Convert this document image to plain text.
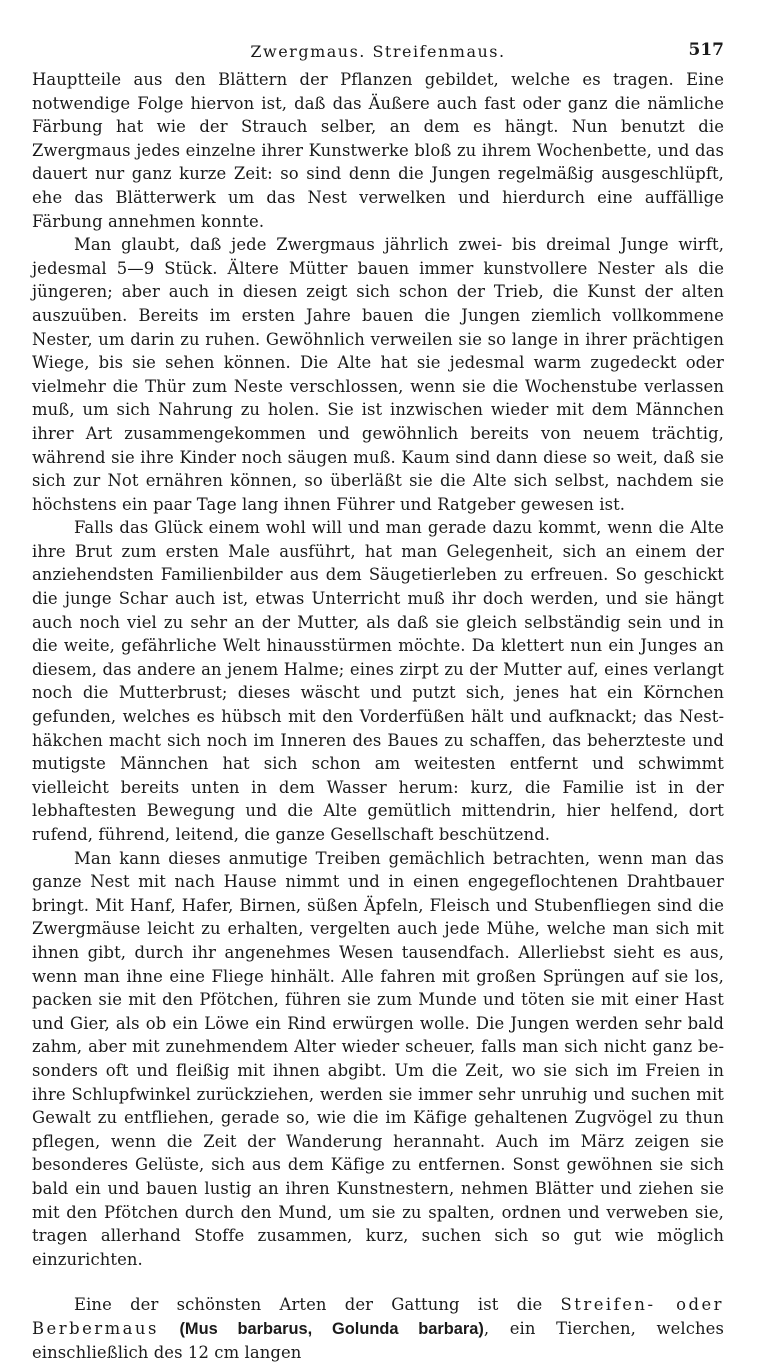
Zwergmaus. Streifenmaus.	517

Hauptteile aus den Blättern der Pflanzen gebildet, welche es tragen. Eine notwendige Folge hiervon ist, daß das Äußere auch fast oder ganz die nämliche Färbung hat wie der Strauch selber, an dem es hängt. Nun benutzt die Zwergmaus jedes einzelne ihrer Kunstwerke bloß zu ihrem Wochenbette, und das dauert nur ganz kurze Zeit: so sind denn die Jungen regelmäßig ausgeschlüpft, ehe das Blätterwerk um das Nest verwelken und hierdurch eine auffällige Färbung annehmen konnte.

Man glaubt, daß jede Zwergmaus jährlich zwei- bis dreimal Junge wirft, jedesmal 5—9 Stück. Ältere Mütter bauen immer kunstvollere Nester als die jüngeren; aber auch in diesen zeigt sich schon der Trieb, die Kunst der alten auszuüben. Bereits im ersten Jahre bauen die Jungen ziemlich vollkommene Nester, um darin zu ruhen. Gewöhnlich verweilen sie so lange in ihrer prächtigen Wiege, bis sie sehen können. Die Alte hat sie jedesmal warm zugedeckt oder vielmehr die Thür zum Neste verschlossen, wenn sie die Wochenstube verlassen muß, um sich Nahrung zu holen. Sie ist inzwischen wieder mit dem Männchen ihrer Art zusammengekommen und gewöhnlich bereits von neuem trächtig, während sie ihre Kinder noch säugen muß. Kaum sind dann diese so weit, daß sie sich zur Not ernähren können, so überläßt sie die Alte sich selbst, nachdem sie höchstens ein paar Tage lang ihnen Führer und Ratgeber gewesen ist.

Falls das Glück einem wohl will und man gerade dazu kommt, wenn die Alte ihre Brut zum ersten Male ausführt, hat man Gelegenheit, sich an einem der anziehendsten Familienbilder aus dem Säugetierleben zu erfreuen. So geschickt die junge Schar auch ist, etwas Unterricht muß ihr doch werden, und sie hängt auch noch viel zu sehr an der Mutter, als daß sie gleich selbständig sein und in die weite, gefährliche Welt hinausstürmen möchte. Da klettert nun ein Junges an diesem, das andere an jenem Halme; eines zirpt zu der Mutter auf, eines verlangt noch die Mutterbrust; dieses wäscht und putzt sich, jenes hat ein Körnchen gefunden, welches es hübsch mit den Vorderfüßen hält und aufknackt; das Nesthäkchen macht sich noch im Inneren des Baues zu schaffen, das beherzteste und mutigste Männchen hat sich schon am weitesten entfernt und schwimmt vielleicht bereits unten in dem Wasser herum: kurz, die Familie ist in der lebhaftesten Bewegung und die Alte gemütlich mittendrin, hier helfend, dort rufend, führend, leitend, die ganze Gesellschaft beschützend.

Man kann dieses anmutige Treiben gemächlich betrachten, wenn man das ganze Nest mit nach Hause nimmt und in einen engegeflochtenen Drahtbauer bringt. Mit Hanf, Hafer, Birnen, süßen Äpfeln, Fleisch und Stubenfliegen sind die Zwergmäuse leicht zu erhalten, vergelten auch jede Mühe, welche man sich mit ihnen gibt, durch ihr angenehmes Wesen tausendfach. Allerliebst sieht es aus, wenn man ihne eine Fliege hinhält. Alle fahren mit großen Sprüngen auf sie los, packen sie mit den Pfötchen, führen sie zum Munde und töten sie mit einer Hast und Gier, als ob ein Löwe ein Rind erwürgen wolle. Die Jungen werden sehr bald zahm, aber mit zunehmendem Alter wieder scheuer, falls man sich nicht ganz besonders oft und fleißig mit ihnen abgibt. Um die Zeit, wo sie sich im Freien in ihre Schlupfwinkel zurückziehen, werden sie immer sehr unruhig und suchen mit Gewalt zu entfliehen, gerade so, wie die im Käfige gehaltenen Zugvögel zu thun pflegen, wenn die Zeit der Wanderung herannaht. Auch im März zeigen sie besonderes Gelüste, sich aus dem Käfige zu entfernen. Sonst gewöhnen sie sich bald ein und bauen lustig an ihren Kunstnestern, nehmen Blätter und ziehen sie mit den Pfötchen durch den Mund, um sie zu spalten, ordnen und verweben sie, tragen allerhand Stoffe zusammen, kurz, suchen sich so gut wie möglich einzurichten.

Eine der schönsten Arten der Gattung ist die Streifen- oder Berbermaus (Mus barbarus, Golunda barbara), ein Tierchen, welches einschließlich des 12 cm langen
